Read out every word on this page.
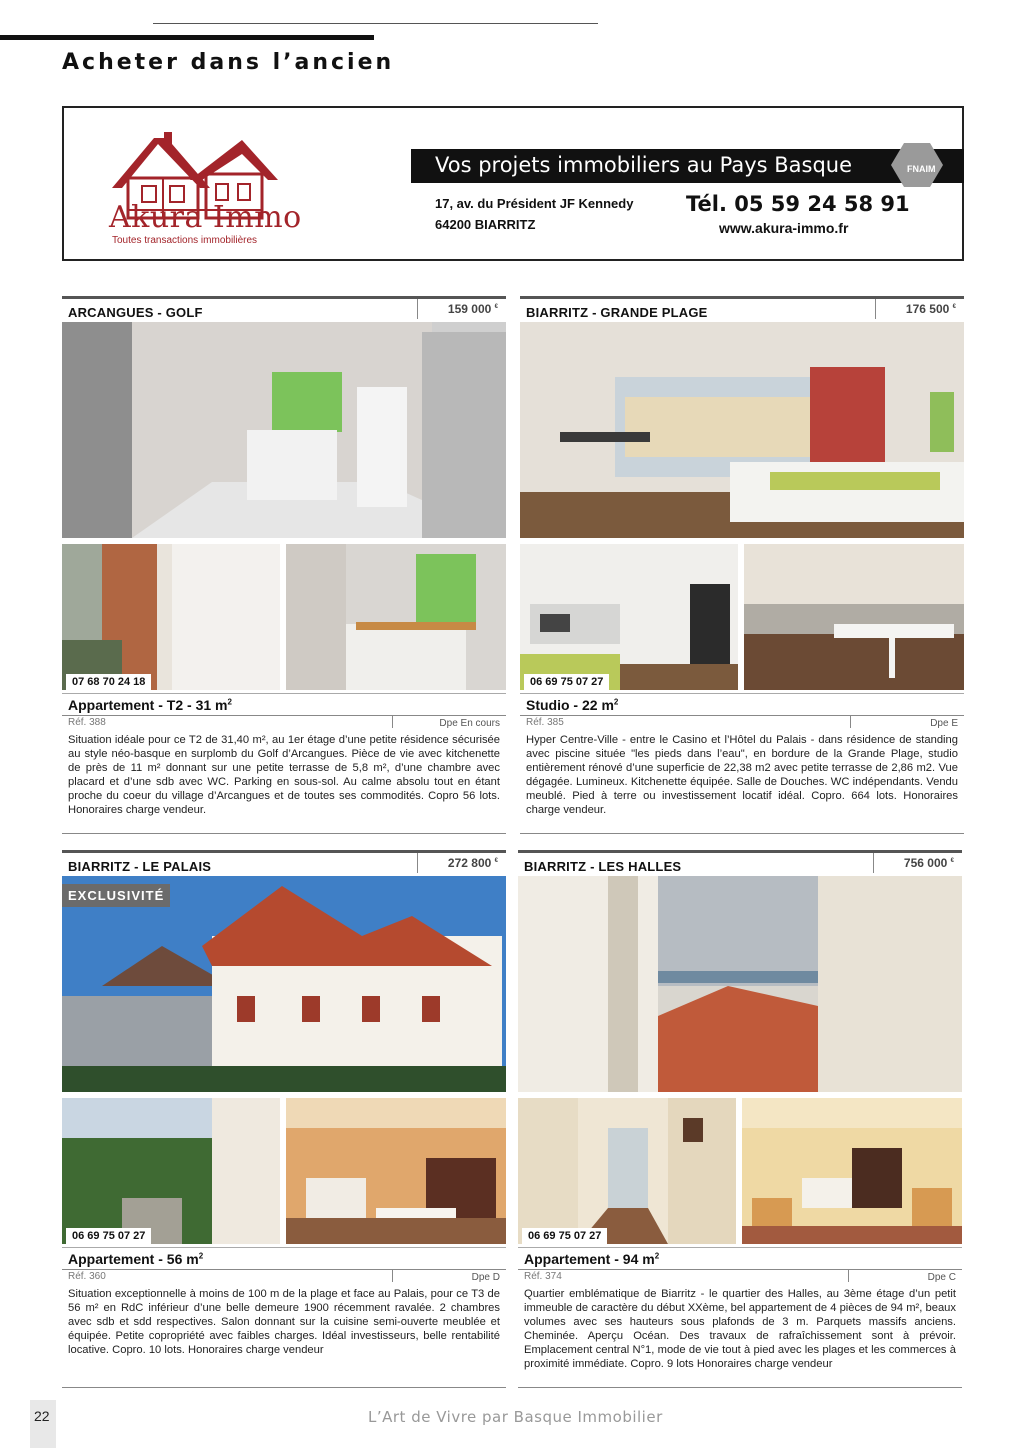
Acheter dans l’ancien
Akura Immo
Toutes transactions immobilières
Vos projets immobiliers au Pays Basque	FNAIM
17, av. du Président JF Kennedy
64200 BIARRITZ
Tél. 05 59 24 58 91
www.akura-immo.fr
ARCANGUES - GOLF	159 000 €
07 68 70 24 18
Appartement - T2 - 31 $m^2$
Réf. 388	Dpe En cours

Situation idéale pour ce T2 de 31,40 m², au 1er étage d’une petite résidence sécurisée au style néo-basque en surplomb du Golf d’Arcangues. Pièce de vie avec kitchenette de près de 11 m² donnant sur une petite terrasse de 5,8 m², d’une chambre avec placard et d’une sdb avec WC. Parking en sous-sol. Au calme absolu tout en étant proche du coeur du village d’Arcangues et de toutes ses commodités. Copro 56 lots. Honoraires charge vendeur.

BIARRITZ - GRANDE PLAGE	176 500 €
06 69 75 07 27
Studio - 22 $m^2$
Réf. 385	Dpe E

Hyper Centre-Ville - entre le Casino et l’Hôtel du Palais - dans résidence de standing avec piscine située "les pieds dans l’eau", en bordure de la Grande Plage, studio entièrement rénové d’une superficie de 22,38 m2 avec petite terrasse de 2,86 m2. Vue dégagée. Lumineux. Kitchenette équipée. Salle de Douches. WC indépendants. Vendu meublé. Pied à terre ou investissement locatif idéal. Copro. 664 lots. Honoraires charge vendeur.

BIARRITZ - LE PALAIS	272 800 €
EXCLUSIVITÉ
06 69 75 07 27
Appartement - 56 $m^2$
Réf. 360	Dpe D

Situation exceptionnelle à moins de 100 m de la plage et face au Palais, pour ce T3 de 56 m² en RdC inférieur d’une belle demeure 1900 récemment ravalée. 2 chambres avec sdb et sdd respectives. Salon donnant sur la cuisine semi-ouverte meublée et équipée. Petite copropriété avec faibles charges. Idéal investisseurs, belle rentabilité locative. Copro. 10 lots. Honoraires charge vendeur

BIARRITZ - LES HALLES	756 000 €
06 69 75 07 27
Appartement - 94 $m^2$
Réf. 374	Dpe C

Quartier emblématique de Biarritz - le quartier des Halles, au 3ème étage d’un petit immeuble de caractère du début XXème, bel appartement de 4 pièces de 94 m², beaux volumes avec ses hauteurs sous plafonds de 3 m. Parquets massifs anciens. Cheminée. Aperçu Océan. Des travaux de rafraîchissement sont à prévoir. Emplacement central N°1, mode de vie tout à pied avec les plages et les commerces à proximité immédiate. Copro. 9 lots Honoraires charge vendeur

22	L’Art de Vivre par Basque Immobilier
